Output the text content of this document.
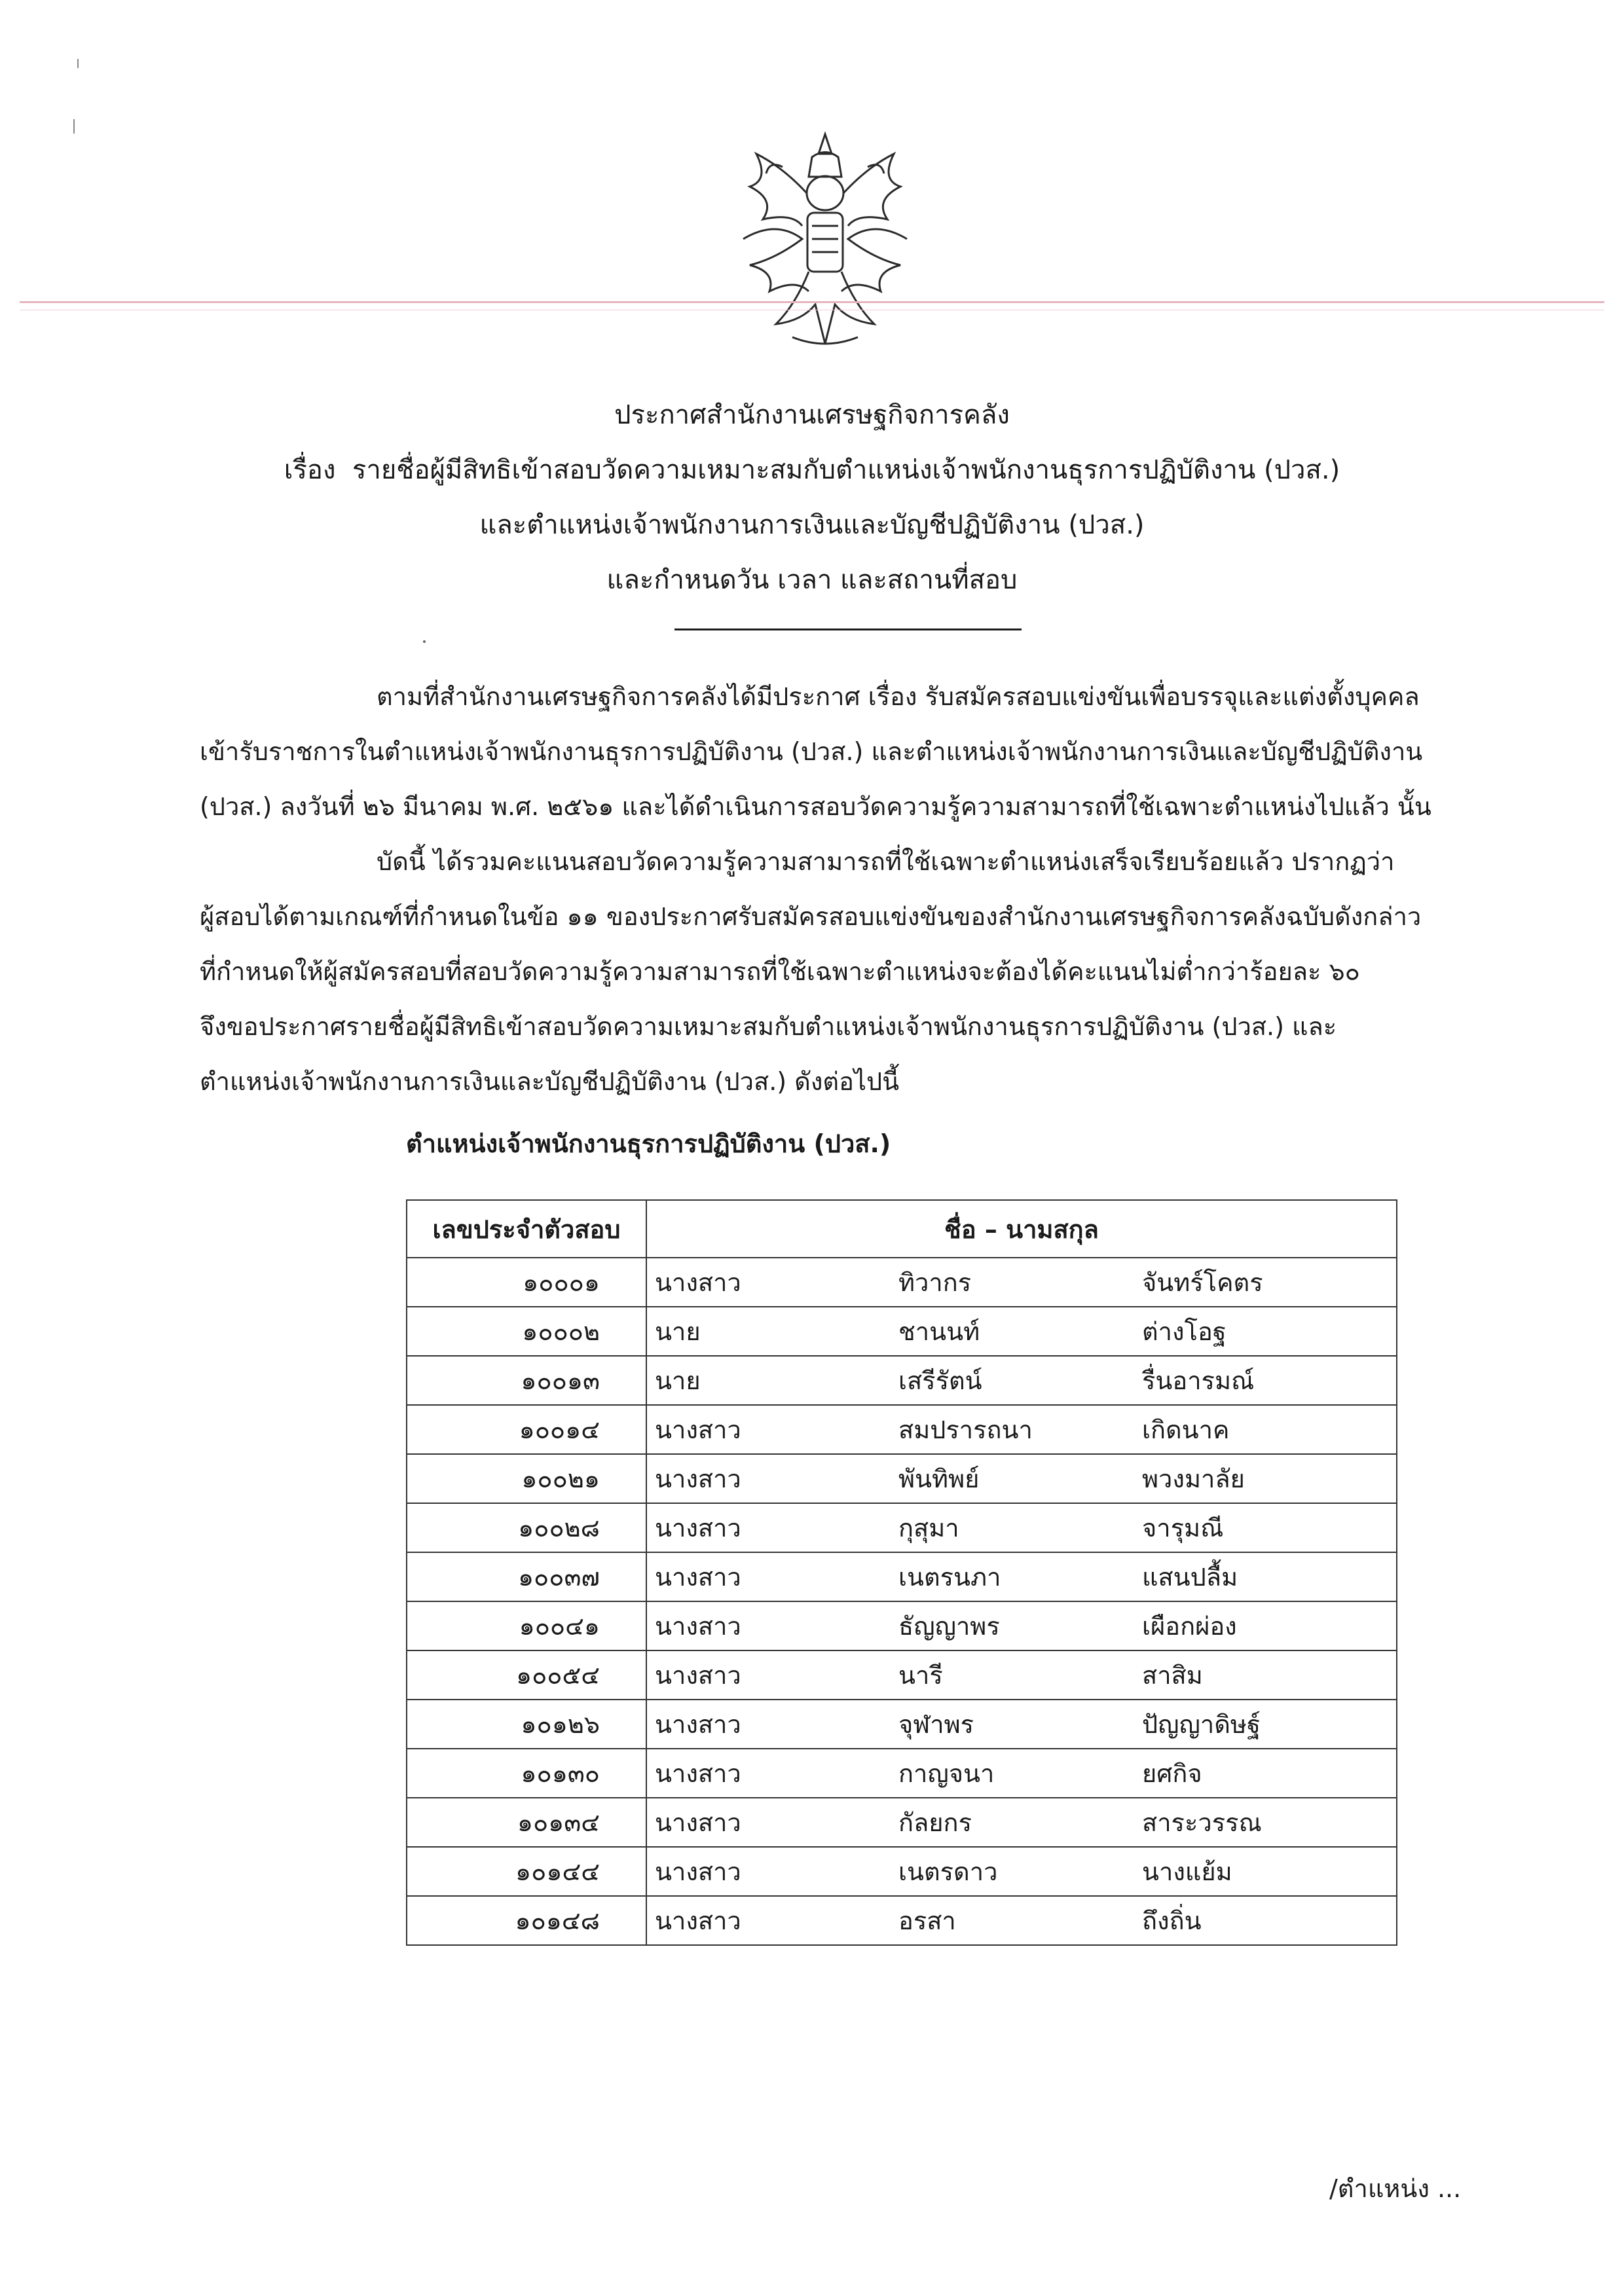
ประกาศสำนักงานเศรษฐกิจการคลัง
เรื่อง รายชื่อผู้มีสิทธิเข้าสอบวัดความเหมาะสมกับตำแหน่งเจ้าพนักงานธุรการปฏิบัติงาน (ปวส.)
และตำแหน่งเจ้าพนักงานการเงินและบัญชีปฏิบัติงาน (ปวส.)
และกำหนดวัน เวลา และสถานที่สอบ
ตามที่สำนักงานเศรษฐกิจการคลังได้มีประกาศ เรื่อง รับสมัครสอบแข่งขันเพื่อบรรจุและแต่งตั้งบุคคล
เข้ารับราชการในตำแหน่งเจ้าพนักงานธุรการปฏิบัติงาน (ปวส.) และตำแหน่งเจ้าพนักงานการเงินและบัญชีปฏิบัติงาน
(ปวส.) ลงวันที่ ๒๖ มีนาคม พ.ศ. ๒๕๖๑ และได้ดำเนินการสอบวัดความรู้ความสามารถที่ใช้เฉพาะตำแหน่งไปแล้ว นั้น
บัดนี้ ได้รวมคะแนนสอบวัดความรู้ความสามารถที่ใช้เฉพาะตำแหน่งเสร็จเรียบร้อยแล้ว ปรากฏว่า
ผู้สอบได้ตามเกณฑ์ที่กำหนดในข้อ ๑๑ ของประกาศรับสมัครสอบแข่งขันของสำนักงานเศรษฐกิจการคลังฉบับดังกล่าว
ที่กำหนดให้ผู้สมัครสอบที่สอบวัดความรู้ความสามารถที่ใช้เฉพาะตำแหน่งจะต้องได้คะแนนไม่ต่ำกว่าร้อยละ ๖๐
จึงขอประกาศรายชื่อผู้มีสิทธิเข้าสอบวัดความเหมาะสมกับตำแหน่งเจ้าพนักงานธุรการปฏิบัติงาน (ปวส.) และ
ตำแหน่งเจ้าพนักงานการเงินและบัญชีปฏิบัติงาน (ปวส.) ดังต่อไปนี้
ตำแหน่งเจ้าพนักงานธุรการปฏิบัติงาน (ปวส.)
เลขประจำตัวสอบ	ชื่อ – นามสกุล		
๑๐๐๐๑	นางสาว	ทิวากร	จันทร์โคตร
๑๐๐๐๒	นาย	ชานนท์	ต่างโอฐ
๑๐๐๑๓	นาย	เสรีรัตน์	รื่นอารมณ์
๑๐๐๑๔	นางสาว	สมปรารถนา	เกิดนาค
๑๐๐๒๑	นางสาว	พันทิพย์	พวงมาลัย
๑๐๐๒๘	นางสาว	กุสุมา	จารุมณี
๑๐๐๓๗	นางสาว	เนตรนภา	แสนปลื้ม
๑๐๐๔๑	นางสาว	ธัญญาพร	เผือกผ่อง
๑๐๐๕๔	นางสาว	นารี	สาสิม
๑๐๑๒๖	นางสาว	จุฬาพร	ปัญญาดิษฐ์
๑๐๑๓๐	นางสาว	กาญจนา	ยศกิจ
๑๐๑๓๔	นางสาว	กัลยกร	สาระวรรณ
๑๐๑๔๔	นางสาว	เนตรดาว	นางแย้ม
๑๐๑๔๘	นางสาว	อรสา	ถึงถิ่น
/ตำแหน่ง ...
